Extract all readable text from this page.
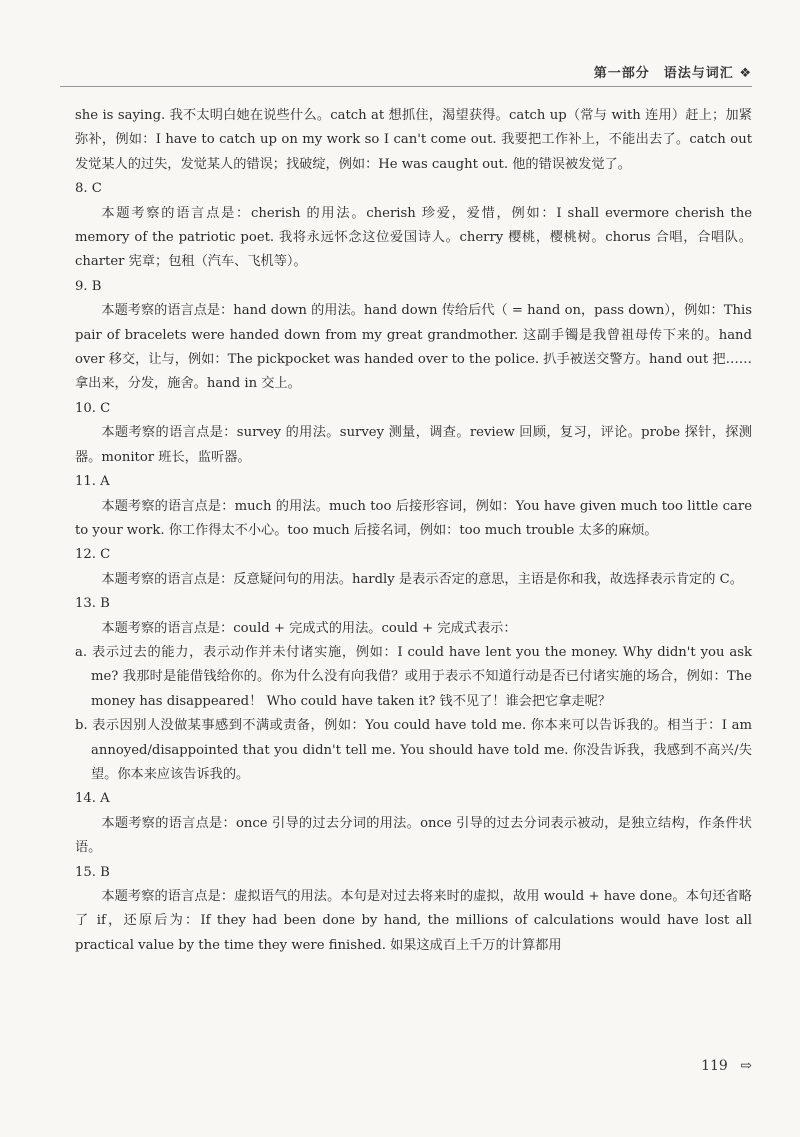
第一部分　语法与词汇 ❖

she is saying. 我不太明白她在说些什么。catch at 想抓住，渴望获得。catch up（常与 with 连用）赶上；加紧弥补，例如：I have to catch up on my work so I can't come out. 我要把工作补上，不能出去了。catch out 发觉某人的过失，发觉某人的错误；找破绽，例如：He was caught out. 他的错误被发觉了。

8. C

本题考察的语言点是：cherish 的用法。cherish 珍爱，爱惜，例如：I shall evermore cherish the memory of the patriotic poet. 我将永远怀念这位爱国诗人。cherry 樱桃，樱桃树。chorus 合唱，合唱队。charter 宪章；包租（汽车、飞机等）。

9. B

本题考察的语言点是：hand down 的用法。hand down 传给后代（ = hand on，pass down），例如：This pair of bracelets were handed down from my great grandmother. 这副手镯是我曾祖母传下来的。hand over 移交，让与，例如：The pickpocket was handed over to the police. 扒手被送交警方。hand out 把……拿出来，分发，施舍。hand in 交上。

10. C

本题考察的语言点是：survey 的用法。survey 测量，调查。review 回顾，复习，评论。probe 探针，探测器。monitor 班长，监听器。

11. A

本题考察的语言点是：much 的用法。much too 后接形容词，例如：You have given much too little care to your work. 你工作得太不小心。too much 后接名词，例如：too much trouble 太多的麻烦。

12. C

本题考察的语言点是：反意疑问句的用法。hardly 是表示否定的意思，主语是你和我，故选择表示肯定的 C。

13. B

本题考察的语言点是：could + 完成式的用法。could + 完成式表示：

a. 表示过去的能力，表示动作并未付诸实施，例如：I could have lent you the money. Why didn't you ask me? 我那时是能借钱给你的。你为什么没有向我借？或用于表示不知道行动是否已付诸实施的场合，例如：The money has disappeared！ Who could have taken it? 钱不见了！谁会把它拿走呢？

b. 表示因别人没做某事感到不满或责备，例如：You could have told me. 你本来可以告诉我的。相当于：I am annoyed/disappointed that you didn't tell me. You should have told me. 你没告诉我，我感到不高兴/失望。你本来应该告诉我的。

14. A

本题考察的语言点是：once 引导的过去分词的用法。once 引导的过去分词表示被动，是独立结构，作条件状语。

15. B

本题考察的语言点是：虚拟语气的用法。本句是对过去将来时的虚拟，故用 would + have done。本句还省略了 if，还原后为：If they had been done by hand, the millions of calculations would have lost all practical value by the time they were finished. 如果这成百上千万的计算都用

119 ⇨
